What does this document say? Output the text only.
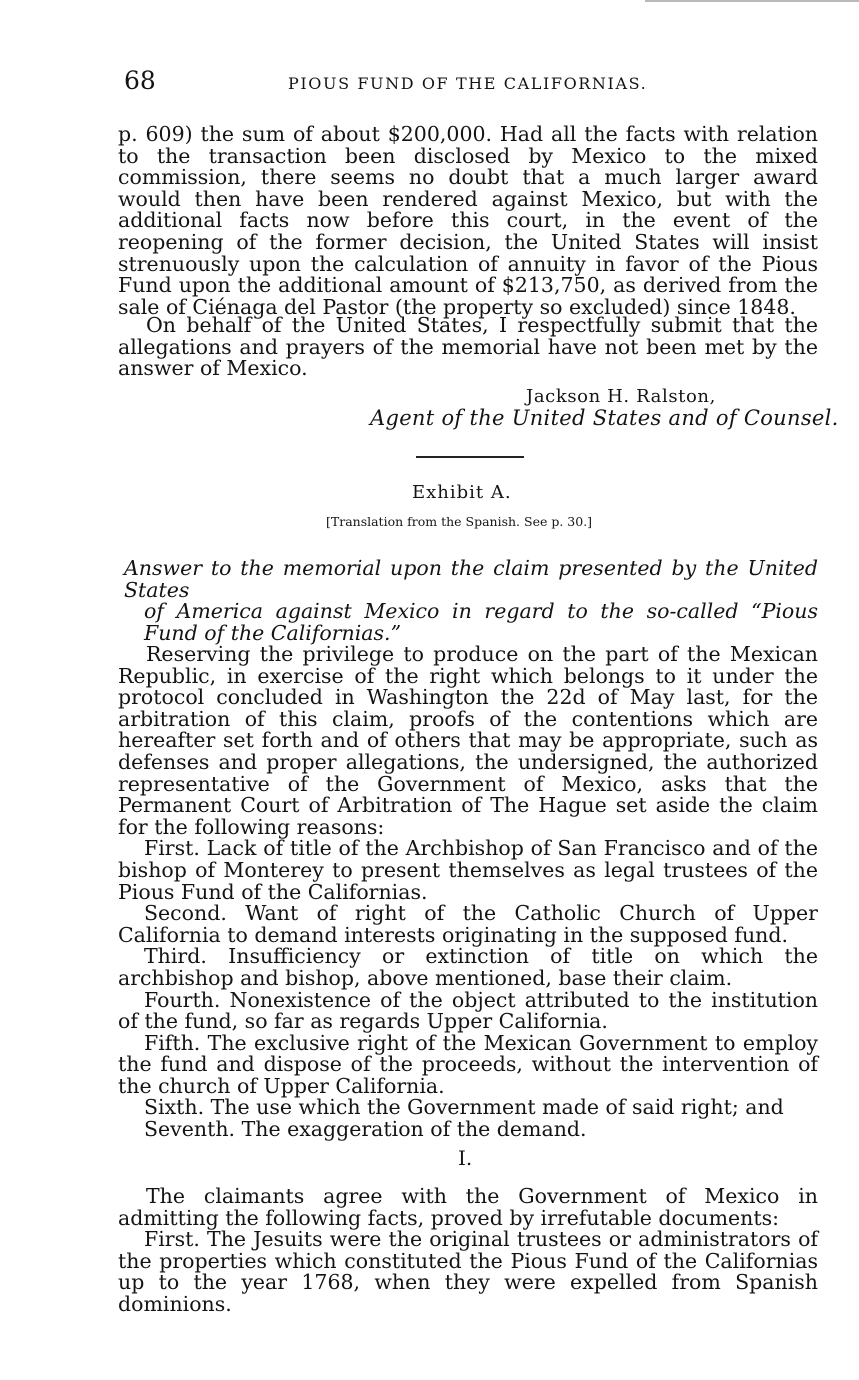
68	PIOUS FUND OF THE CALIFORNIAS.

p. 609) the sum of about $200,000. Had all the facts with relation to the transaction been disclosed by Mexico to the mixed commission, there seems no doubt that a much larger award would then have been rendered against Mexico, but with the additional facts now before this court, in the event of the reopening of the former decision, the United States will insist strenuously upon the calculation of annuity in favor of the Pious Fund upon the additional amount of $213,750, as derived from the sale of Ciénaga del Pastor (the property so excluded) since 1848.

On behalf of the United States, I respectfully submit that the allegations and prayers of the memorial have not been met by the answer of Mexico.

Jackson H. Ralston,
Agent of the United States and of Counsel.
Exhibit A.
[Translation from the Spanish. See p. 30.]
Answer to the memorial upon the claim presented by the United States
of America against Mexico in regard to the so-called “Pious Fund of the Californias.”

Reserving the privilege to produce on the part of the Mexican Republic, in exercise of the right which belongs to it under the protocol concluded in Washington the 22d of May last, for the arbitration of this claim, proofs of the contentions which are hereafter set forth and of others that may be appropriate, such as defenses and proper allegations, the undersigned, the authorized representative of the Government of Mexico, asks that the Permanent Court of Arbitration of The Hague set aside the claim for the following reasons:

First. Lack of title of the Archbishop of San Francisco and of the bishop of Monterey to present themselves as legal trustees of the Pious Fund of the Californias.

Second. Want of right of the Catholic Church of Upper California to demand interests originating in the supposed fund.

Third. Insufficiency or extinction of title on which the archbishop and bishop, above mentioned, base their claim.

Fourth. Nonexistence of the object attributed to the institution of the fund, so far as regards Upper California.

Fifth. The exclusive right of the Mexican Government to employ the fund and dispose of the proceeds, without the intervention of the church of Upper California.

Sixth. The use which the Government made of said right; and

Seventh. The exaggeration of the demand.

I.

The claimants agree with the Government of Mexico in admitting the following facts, proved by irrefutable documents:

First. The Jesuits were the original trustees or administrators of the properties which constituted the Pious Fund of the Californias up to the year 1768, when they were expelled from Spanish dominions.
